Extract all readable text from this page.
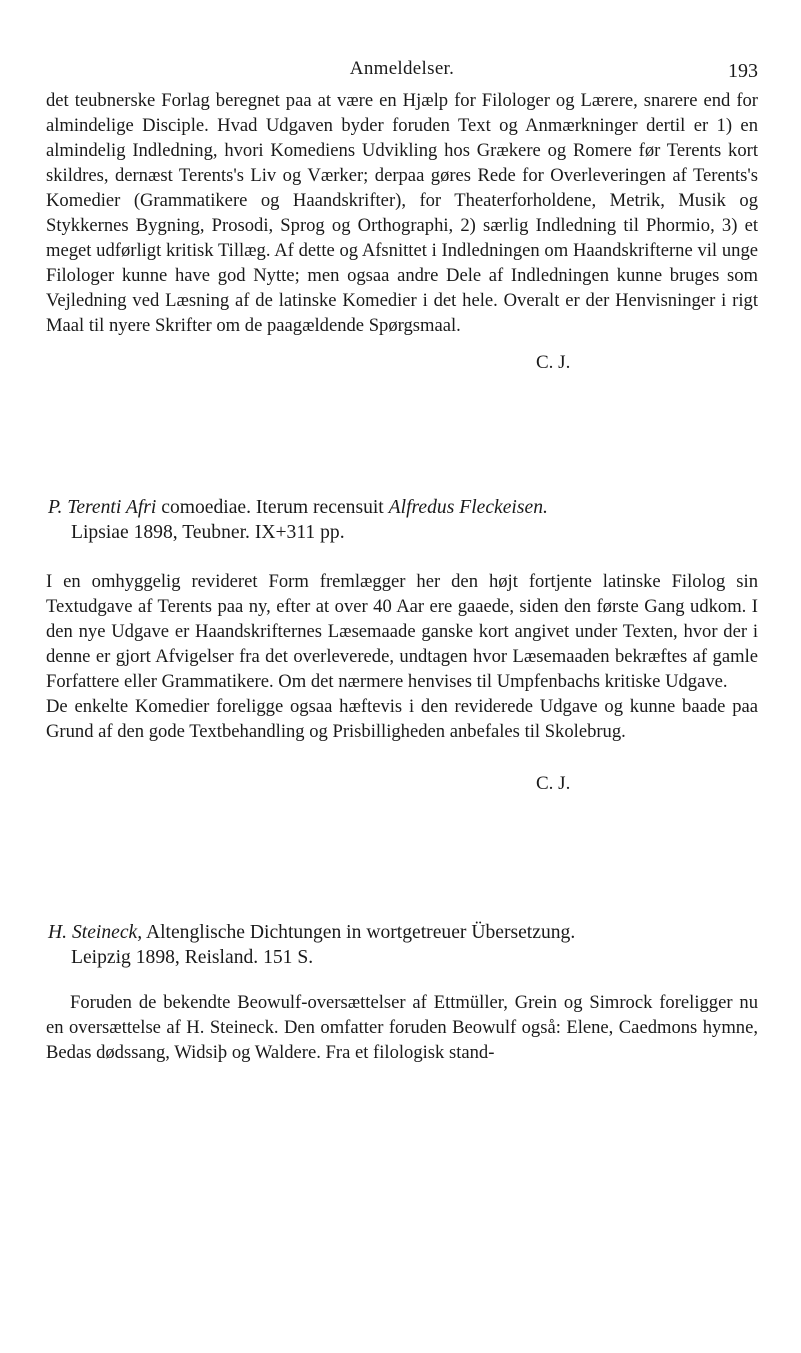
Anmeldelser.	193

det teubnerske Forlag beregnet paa at være en Hjælp for Filologer og Lærere, snarere end for almindelige Disciple. Hvad Udgaven byder foruden Text og Anmærkninger dertil er 1) en almindelig Indledning, hvori Komediens Udvikling hos Grækere og Romere før Terents kort skildres, dernæst Terents's Liv og Værker; derpaa gøres Rede for Overleveringen af Terents's Komedier (Grammatikere og Haandskrifter), for Theaterforholdene, Metrik, Musik og Stykkernes Bygning, Prosodi, Sprog og Orthographi, 2) særlig Indledning til Phormio, 3) et meget udførligt kritisk Tillæg. Af dette og Afsnittet i Indledningen om Haandskrifterne vil unge Filologer kunne have god Nytte; men ogsaa andre Dele af Indledningen kunne bruges som Vejledning ved Læsning af de latinske Komedier i det hele. Overalt er der Henvisninger i rigt Maal til nyere Skrifter om de paagældende Spørgsmaal.

C. J.
P. Terenti Afri comoediae. Iterum recensuit Alfredus Fleckeisen.
Lipsiae 1898, Teubner. IX+311 pp.

I en omhyggelig revideret Form fremlægger her den højt fortjente latinske Filolog sin Textudgave af Terents paa ny, efter at over 40 Aar ere gaaede, siden den første Gang udkom. I den nye Udgave er Haandskrifternes Læsemaade ganske kort angivet under Texten, hvor der i denne er gjort Afvigelser fra det overleverede, undtagen hvor Læsemaaden bekræftes af gamle Forfattere eller Grammatikere. Om det nærmere henvises til Umpfenbachs kritiske Udgave.

De enkelte Komedier foreligge ogsaa hæftevis i den reviderede Udgave og kunne baade paa Grund af den gode Textbehandling og Prisbilligheden anbefales til Skolebrug.

C. J.
H. Steineck, Altenglische Dichtungen in wortgetreuer Übersetzung.
Leipzig 1898, Reisland. 151 S.

Foruden de bekendte Beowulf-oversættelser af Ettmüller, Grein og Simrock foreligger nu en oversættelse af H. Steineck. Den omfatter foruden Beowulf også: Elene, Caedmons hymne, Bedas dødssang, Widsiþ og Waldere. Fra et filologisk stand-
